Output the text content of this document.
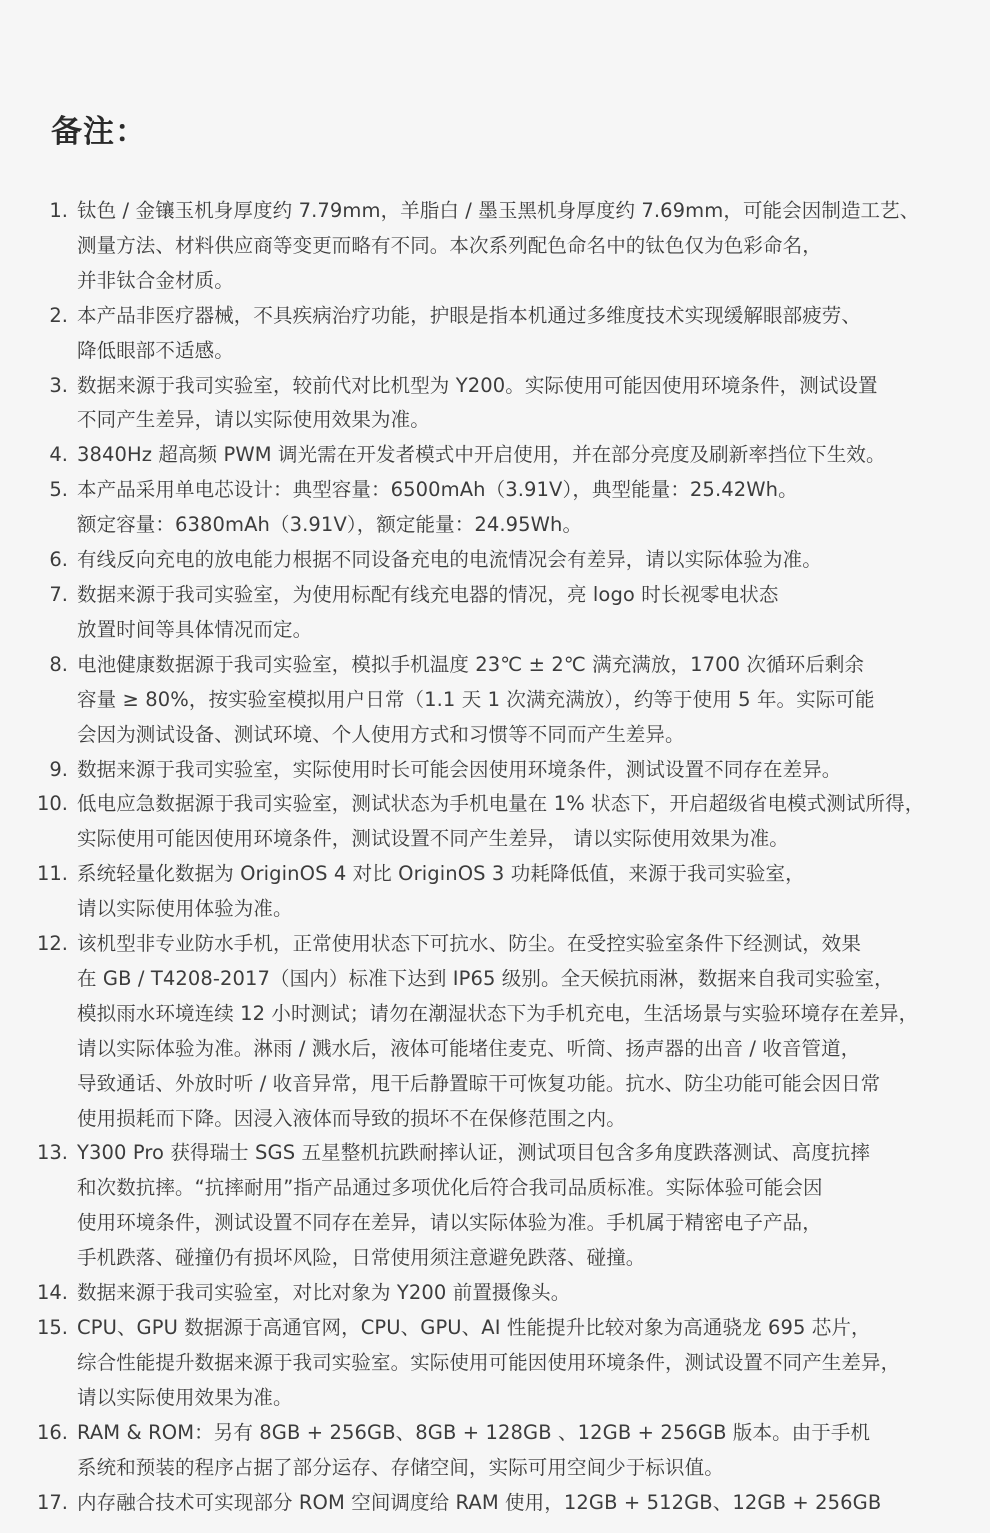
备注：
1. 钛色 / 金镶玉机身厚度约 7.79mm，羊脂白 / 墨玉黑机身厚度约 7.69mm，可能会因制造工艺、
测量方法、材料供应商等变更而略有不同。本次系列配色命名中的钛色仅为色彩命名，
并非钛合金材质。
2. 本产品非医疗器械，不具疾病治疗功能，护眼是指本机通过多维度技术实现缓解眼部疲劳、
降低眼部不适感。
3. 数据来源于我司实验室，较前代对比机型为 Y200。实际使用可能因使用环境条件，测试设置
不同产生差异，请以实际使用效果为准。
4. 3840Hz 超高频 PWM 调光需在开发者模式中开启使用，并在部分亮度及刷新率挡位下生效。
5. 本产品采用单电芯设计：典型容量：6500mAh（3.91V），典型能量：25.42Wh。
额定容量：6380mAh（3.91V），额定能量：24.95Wh。
6. 有线反向充电的放电能力根据不同设备充电的电流情况会有差异，请以实际体验为准。
7. 数据来源于我司实验室，为使用标配有线充电器的情况，亮 logo 时长视零电状态
放置时间等具体情况而定。
8. 电池健康数据源于我司实验室，模拟手机温度 23℃ ± 2℃ 满充满放，1700 次循环后剩余
容量 ≥ 80%，按实验室模拟用户日常（1.1 天 1 次满充满放），约等于使用 5 年。实际可能
会因为测试设备、测试环境、个人使用方式和习惯等不同而产生差异。
9. 数据来源于我司实验室，实际使用时长可能会因使用环境条件，测试设置不同存在差异。
10. 低电应急数据源于我司实验室，测试状态为手机电量在 1% 状态下，开启超级省电模式测试所得，
实际使用可能因使用环境条件，测试设置不同产生差异， 请以实际使用效果为准。
11. 系统轻量化数据为 OriginOS 4 对比 OriginOS 3 功耗降低值，来源于我司实验室，
请以实际使用体验为准。
12. 该机型非专业防水手机，正常使用状态下可抗水、防尘。在受控实验室条件下经测试，效果
在 GB / T4208-2017（国内）标准下达到 IP65 级别。全天候抗雨淋，数据来自我司实验室，
模拟雨水环境连续 12 小时测试；请勿在潮湿状态下为手机充电，生活场景与实验环境存在差异，
请以实际体验为准。淋雨 / 溅水后，液体可能堵住麦克、听筒、扬声器的出音 / 收音管道，
导致通话、外放时听 / 收音异常，甩干后静置晾干可恢复功能。抗水、防尘功能可能会因日常
使用损耗而下降。因浸入液体而导致的损坏不在保修范围之内。
13. Y300 Pro 获得瑞士 SGS 五星整机抗跌耐摔认证，测试项目包含多角度跌落测试、高度抗摔
和次数抗摔。“抗摔耐用”指产品通过多项优化后符合我司品质标准。实际体验可能会因
使用环境条件，测试设置不同存在差异，请以实际体验为准。手机属于精密电子产品，
手机跌落、碰撞仍有损坏风险，日常使用须注意避免跌落、碰撞。
14. 数据来源于我司实验室，对比对象为 Y200 前置摄像头。
15. CPU、GPU 数据源于高通官网，CPU、GPU、AI 性能提升比较对象为高通骁龙 695 芯片，
综合性能提升数据来源于我司实验室。实际使用可能因使用环境条件，测试设置不同产生差异，
请以实际使用效果为准。
16. RAM & ROM：另有 8GB + 256GB、8GB + 128GB 、12GB + 256GB 版本。由于手机
系统和预装的程序占据了部分运存、存储空间，实际可用空间少于标识值。
17. 内存融合技术可实现部分 ROM 空间调度给 RAM 使用，12GB + 512GB、12GB + 256GB
